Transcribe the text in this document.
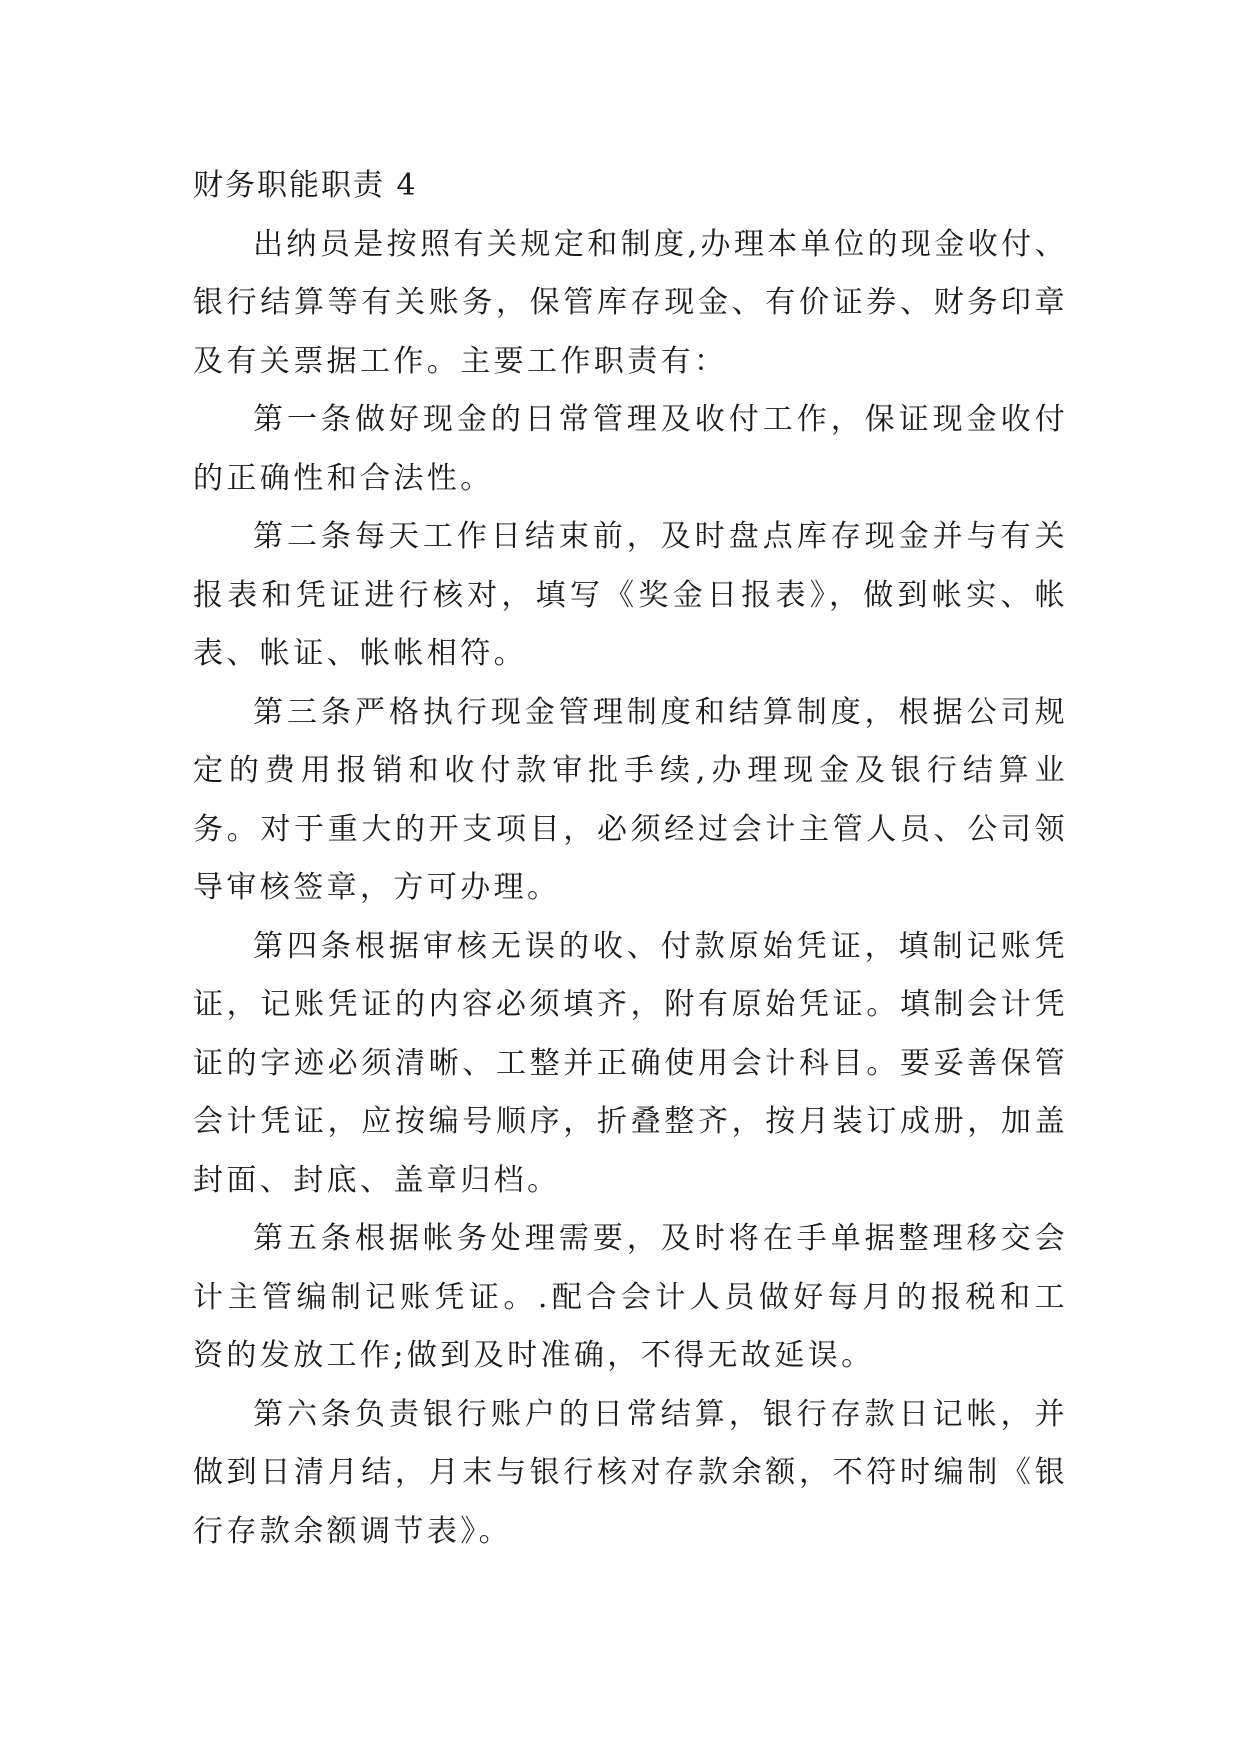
财务职能职责 4

出纳员是按照有关规定和制度,办理本单位的现金收付、银行结算等有关账务，保管库存现金、有价证券、财务印章及有关票据工作。主要工作职责有：

第一条做好现金的日常管理及收付工作，保证现金收付的正确性和合法性。

第二条每天工作日结束前，及时盘点库存现金并与有关报表和凭证进行核对，填写《奖金日报表》，做到帐实、帐表、帐证、帐帐相符。

第三条严格执行现金管理制度和结算制度，根据公司规定的费用报销和收付款审批手续,办理现金及银行结算业务。对于重大的开支项目，必须经过会计主管人员、公司领导审核签章，方可办理。

第四条根据审核无误的收、付款原始凭证，填制记账凭证，记账凭证的内容必须填齐，附有原始凭证。填制会计凭证的字迹必须清晰、工整并正确使用会计科目。要妥善保管会计凭证，应按编号顺序，折叠整齐，按月装订成册，加盖封面、封底、盖章归档。

第五条根据帐务处理需要，及时将在手单据整理移交会计主管编制记账凭证。.配合会计人员做好每月的报税和工资的发放工作;做到及时准确，不得无故延误。

第六条负责银行账户的日常结算，银行存款日记帐，并做到日清月结，月末与银行核对存款余额，不符时编制《银行存款余额调节表》。
